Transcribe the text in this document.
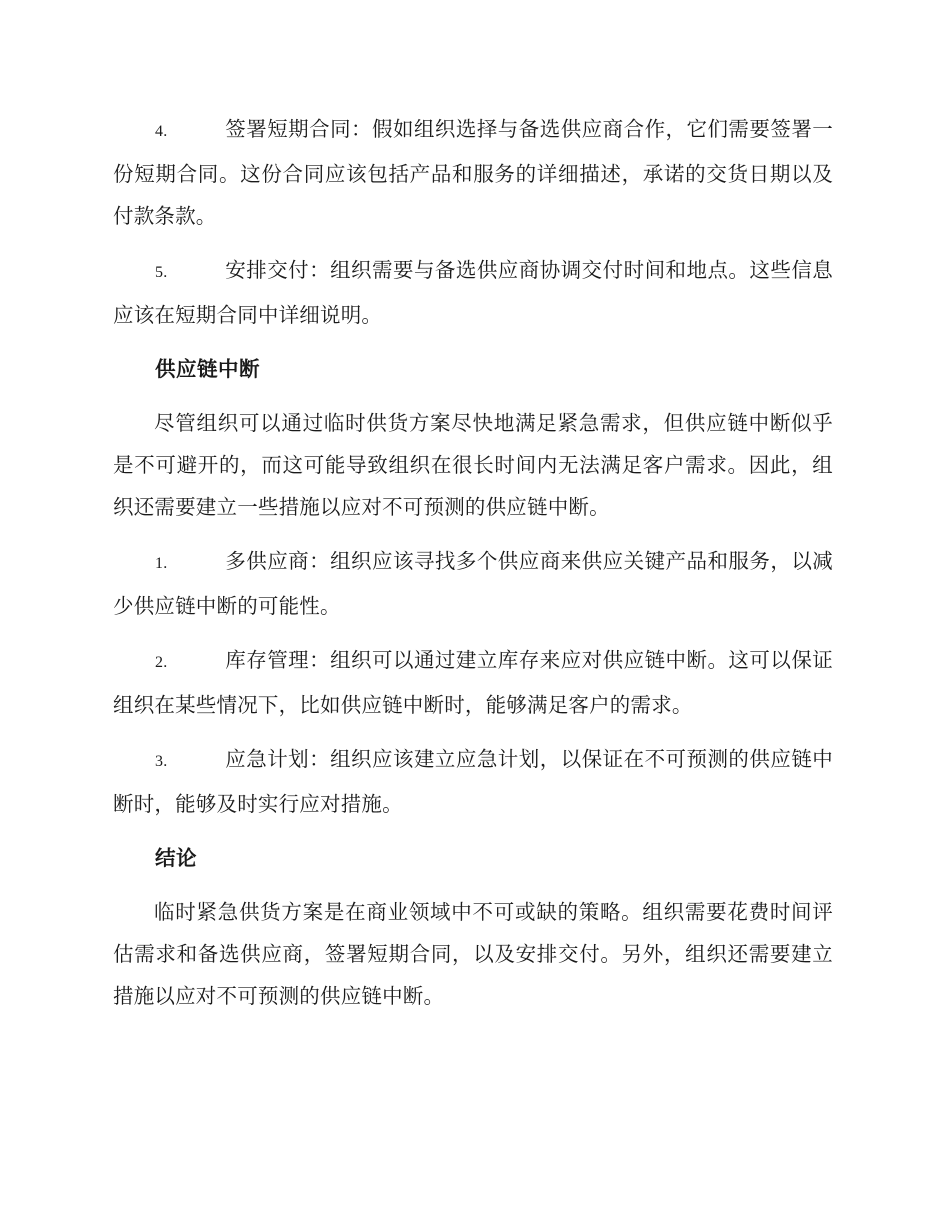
4.	签署短期合同：假如组织选择与备选供应商合作，它们需要签署一份短期合同。这份合同应该包括产品和服务的详细描述，承诺的交货日期以及付款条款。

5.	安排交付：组织需要与备选供应商协调交付时间和地点。这些信息应该在短期合同中详细说明。

供应链中断

尽管组织可以通过临时供货方案尽快地满足紧急需求，但供应链中断似乎是不可避开的，而这可能导致组织在很长时间内无法满足客户需求。因此，组织还需要建立一些措施以应对不可预测的供应链中断。

1.	多供应商：组织应该寻找多个供应商来供应关键产品和服务，以减少供应链中断的可能性。

2.	库存管理：组织可以通过建立库存来应对供应链中断。这可以保证组织在某些情况下，比如供应链中断时，能够满足客户的需求。

3.	应急计划：组织应该建立应急计划，以保证在不可预测的供应链中断时，能够及时实行应对措施。

结论

临时紧急供货方案是在商业领域中不可或缺的策略。组织需要花费时间评估需求和备选供应商，签署短期合同，以及安排交付。另外，组织还需要建立措施以应对不可预测的供应链中断。
